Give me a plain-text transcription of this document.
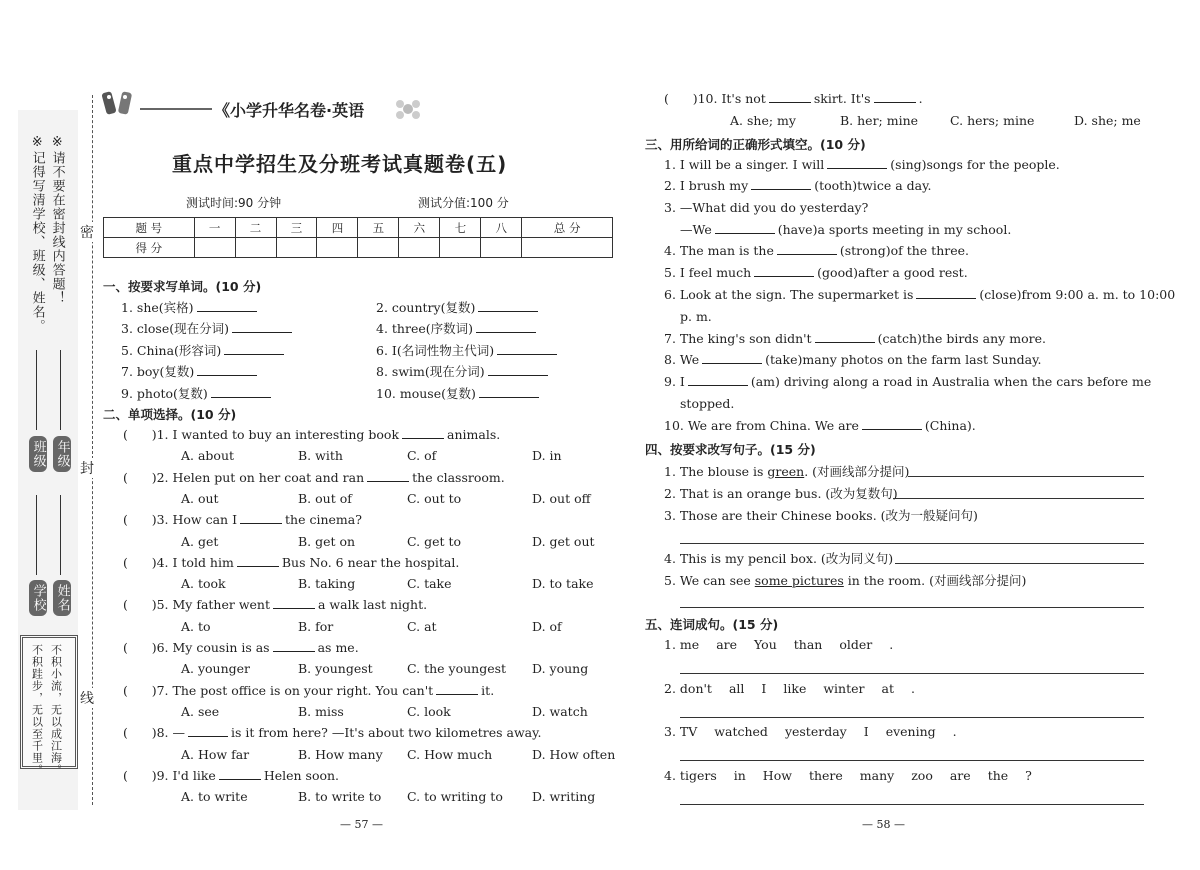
※请不要在密封线内答题！
※记得写清学校、班级、姓名。	密
封
线
年级
班级
姓名
学校
不积小流，无以成江海。
不积跬步，无以至千里。
《小学升华名卷·英语
重点中学招生及分班考试真题卷(五)
测试时间:90 分钟	测试分值:100 分
题 号	一	二	三	四	五	六	七	八	总 分
得 分									
一、按要求写单词。(10 分)
1. she(宾格)	2. country(复数)
3. close(现在分词)	4. three(序数词)
5. China(形容词)	6. I(名词性物主代词)
7. boy(复数)	8. swim(现在分词)
9. photo(复数)	10. mouse(复数)
二、单项选择。(10 分)
(      )1. I wanted to buy an interesting book	animals.
A. about	B. with	C. of	D. in
(      )2. Helen put on her coat and ran	the classroom.
A. out	B. out of	C. out to	D. out off
(      )3. How can I	the cinema?
A. get	B. get on	C. get to	D. get out
(      )4. I told him	Bus No. 6 near the hospital.
A. took	B. taking	C. take	D. to take
(      )5. My father went	a walk last night.
A. to	B. for	C. at	D. of
(      )6. My cousin is as	as me.
A. younger	B. youngest	C. the youngest D. young
(      )7. The post office is on your right. You can't	it.
A. see	B. miss	C. look	D. watch
(      )8. —	is it from here? —It's about two kilometres away.
A. How far	B. How many C. How much	D. How often
(      )9. I'd like	Helen soon.
A. to write	B. to write to C. to writing to D. writing
— 57 —
(      )10. It's not	skirt. It's	.
A. she; my	B. her; mine	C. hers; mine	D. she; me
三、用所给词的正确形式填空。(10 分)
1. I will be a singer. I will	(sing)songs for the people.
2. I brush my	(tooth)twice a day.
3. —What did you do yesterday?
—We	(have)a sports meeting in my school.
4. The man is the	(strong)of the three.
5. I feel much	(good)after a good rest.
6. Look at the sign. The supermarket is	(close)from 9:00 a. m. to 10:00
p. m.
7. The king's son didn't	(catch)the birds any more.
8. We	(take)many photos on the farm last Sunday.
9. I	(am) driving along a road in Australia when the cars before me
stopped.
10. We are from China. We are	(China).
四、按要求改写句子。(15 分)
1. The blouse is green. (对画线部分提问)
2. That is an orange bus. (改为复数句)
3. Those are their Chinese books. (改为一般疑问句)
4. This is my pencil box. (改为同义句)
5. We can see some pictures in the room. (对画线部分提问)
五、连词成句。(15 分)
1. me are You than older .
2. don't all I like winter at .
3. TV watched yesterday I evening .
4. tigers in How there many zoo are the ?
— 58 —
